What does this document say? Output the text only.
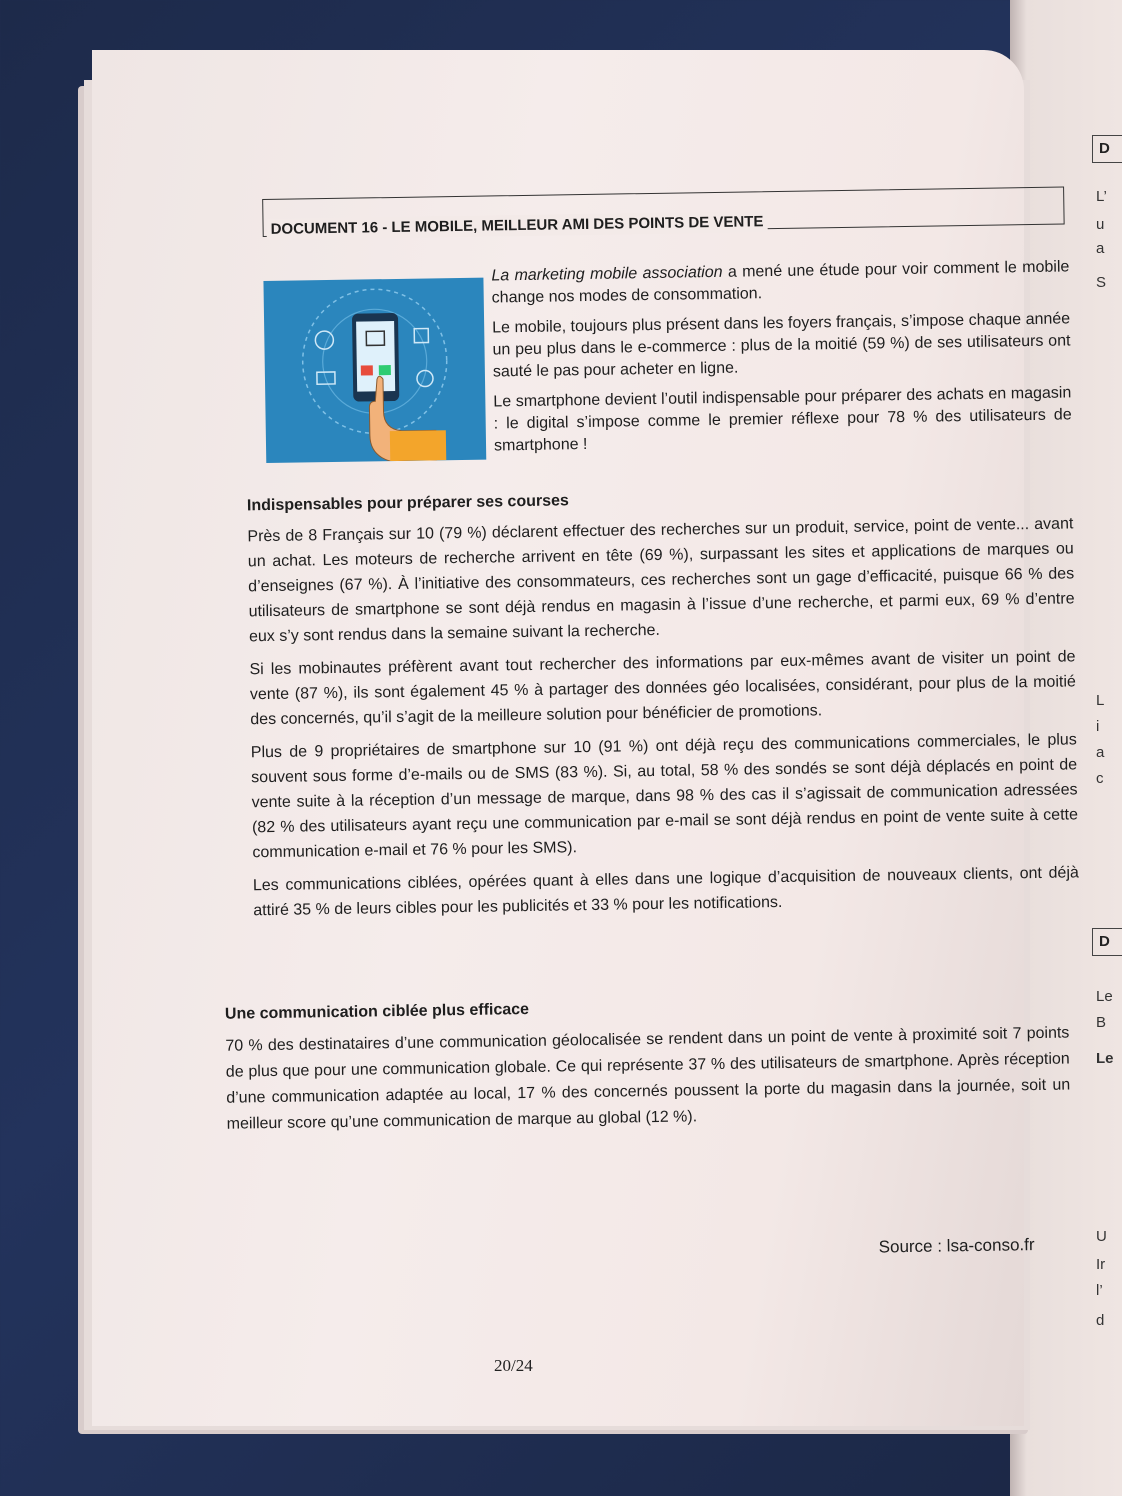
D
L’
u
a
S
L
i
a
c
D
Le
B
Le
U
Ir
l’
d
DOCUMENT 16 - LE MOBILE, MEILLEUR AMI DES POINTS DE VENTE

La marketing mobile association a mené une étude pour voir comment le mobile change nos modes de consommation.

Le mobile, toujours plus présent dans les foyers français, s’impose chaque année un peu plus dans le e-commerce : plus de la moitié (59 %) de ses utilisateurs ont sauté le pas pour acheter en ligne.

Le smartphone devient l’outil indispensable pour préparer des achats en magasin : le digital s’impose comme le premier réflexe pour 78 % des utilisateurs de smartphone !

Indispensables pour préparer ses courses

Près de 8 Français sur 10 (79 %) déclarent effectuer des recherches sur un produit, service, point de vente... avant un achat. Les moteurs de recherche arrivent en tête (69 %), surpassant les sites et applications de marques ou d’enseignes (67 %). À l’initiative des consommateurs, ces recherches sont un gage d’efficacité, puisque 66 % des utilisateurs de smartphone se sont déjà rendus en magasin à l’issue d’une recherche, et parmi eux, 69 % d’entre eux s’y sont rendus dans la semaine suivant la recherche.

Si les mobinautes préfèrent avant tout rechercher des informations par eux-mêmes avant de visiter un point de vente (87 %), ils sont également 45 % à partager des données géo localisées, considérant, pour plus de la moitié des concernés, qu’il s’agit de la meilleure solution pour bénéficier de promotions.

Plus de 9 propriétaires de smartphone sur 10 (91 %) ont déjà reçu des communications commerciales, le plus souvent sous forme d’e-mails ou de SMS (83 %). Si, au total, 58 % des sondés se sont déjà déplacés en point de vente suite à la réception d’un message de marque, dans 98 % des cas il s’agissait de communication adressées (82 % des utilisateurs ayant reçu une communication par e-mail se sont déjà rendus en point de vente suite à cette communication e-mail et 76 % pour les SMS).

Les communications ciblées, opérées quant à elles dans une logique d’acquisition de nouveaux clients, ont déjà attiré 35 % de leurs cibles pour les publicités et 33 % pour les notifications.

Une communication ciblée plus efficace

70 % des destinataires d’une communication géolocalisée se rendent dans un point de vente à proximité soit 7 points de plus que pour une communication globale. Ce qui représente 37 % des utilisateurs de smartphone. Après réception d’une communication adaptée au local, 17 % des concernés poussent la porte du magasin dans la journée, soit un meilleur score qu’une communication de marque au global (12 %).

Source : lsa-conso.fr
20/24
